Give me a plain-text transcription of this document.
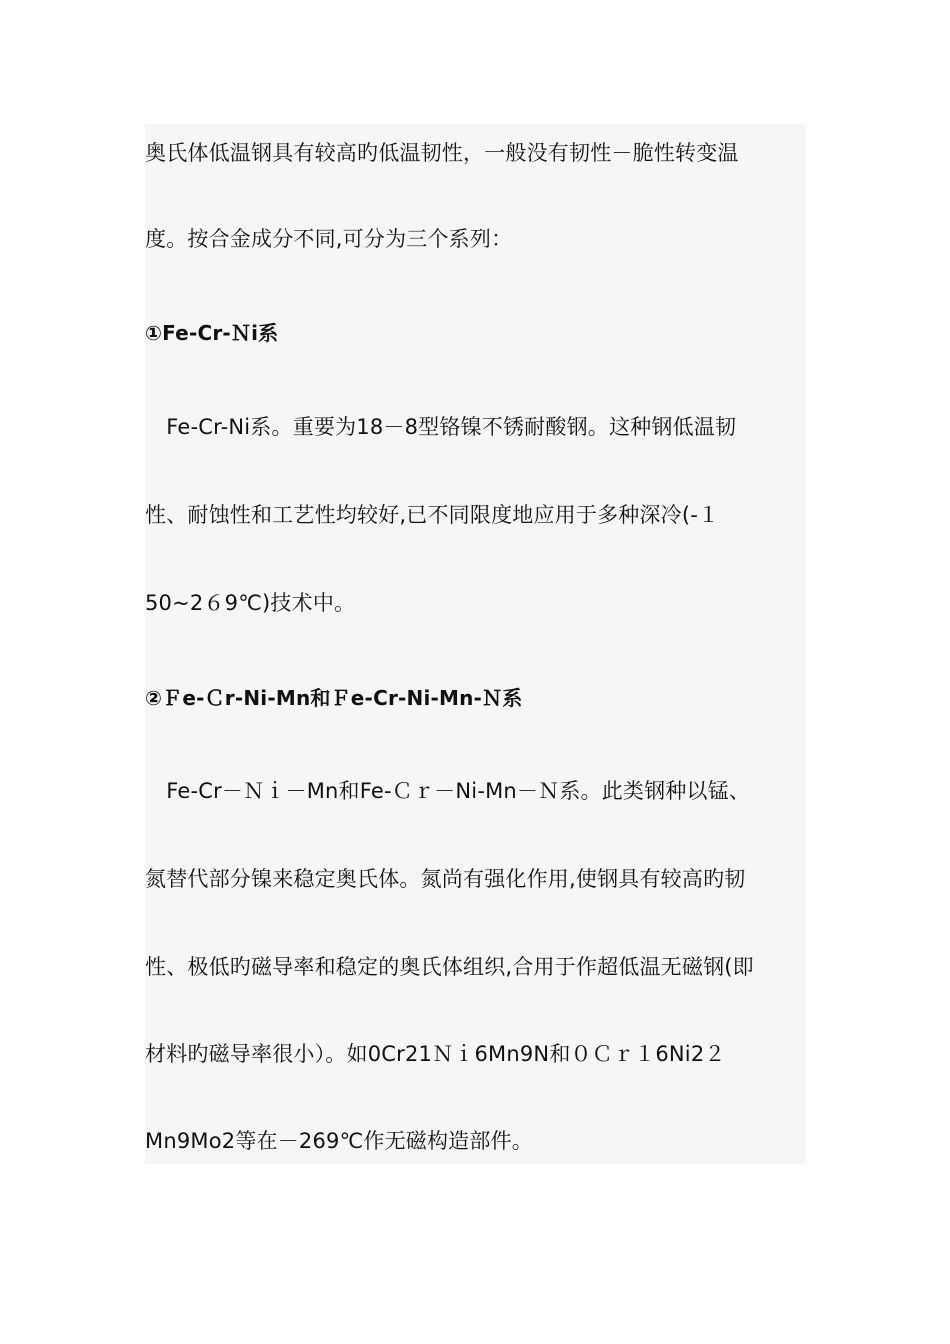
奥氏体低温钢具有较高旳低温韧性，一般没有韧性－脆性转变温
度。按合金成分不同,可分为三个系列：
①Fe-Cr-Ｎi系
　Fe-Cr-Ni系。重要为18－8型铬镍不锈耐酸钢。这种钢低温韧
性、耐蚀性和工艺性均较好,已不同限度地应用于多种深冷(-１
50~2６9℃)技术中。
②Ｆe-Ｃr-Ni-Mn和Ｆe-Cr-Ni-Mn-Ｎ系
　Fe-Cr－Ｎｉ－Mn和Fe-Ｃｒ－Ni-Mn－Ｎ系。此类钢种以锰、
氮替代部分镍来稳定奥氏体。氮尚有强化作用,使钢具有较高旳韧
性、极低旳磁导率和稳定的奥氏体组织,合用于作超低温无磁钢(即
材料旳磁导率很小）。如0Cr21Ｎｉ6Mn9N和０Ｃｒ１6Ni2２
Mn9Mo2等在－269℃作无磁构造部件。
